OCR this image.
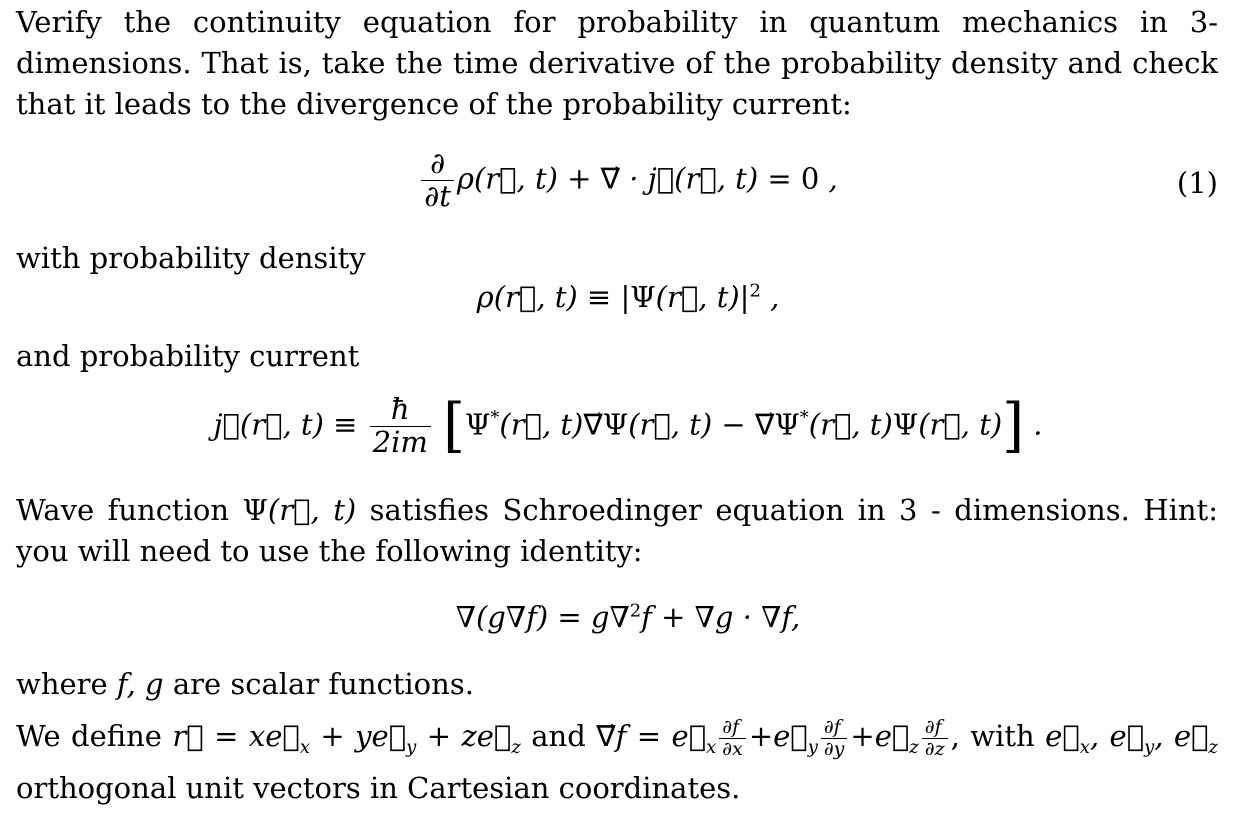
Verify the continuity equation for probability in quantum mechanics in 3-dimensions. That is, take the time derivative of the probability density and check that it leads to the divergence of the probability current:
$\frac{\partial}{\partial t}$ ρ(r⃗, t) + ∇⃗ · j⃗(r⃗, t) = 0 ,	(1)
with probability density
ρ(r⃗, t) ≡ |Ψ(r⃗, $t)|^2$ ,
and probability current
j⃗(r⃗, $t) \equiv \frac{ħ}{2im}$ [Ψ*(r⃗, t)∇⃗Ψ(r⃗, t) − ∇⃗Ψ*(r⃗, t)Ψ(r⃗, t)] .
Wave function Ψ(r⃗, t) satisfies Schroedinger equation in 3 - dimensions. Hint: you will need to use the following identity:
∇(g∇f) = g∇$^2$f + ∇g · ∇f,
where f, g are scalar functions.
We define r⃗ = $xe⃗_x$ + $ye⃗_y$ + $ze⃗_z$ and ∇⃗f = $e⃗_x \frac{\partial f}{\partial x}$ $+e⃗_y \frac{\partial f}{\partial y}$ $+e⃗_z \frac{\partial f}{\partial z}$ , with $e⃗_x$, $e⃗_y$, $e⃗_z$ orthogonal unit vectors in Cartesian coordinates.
